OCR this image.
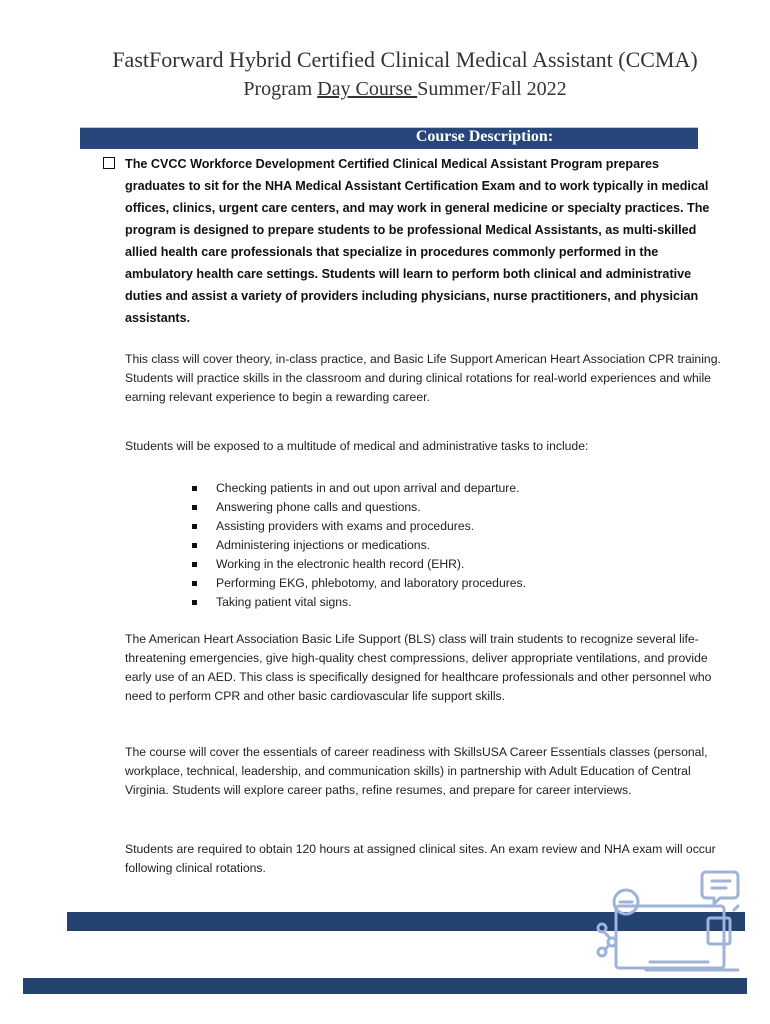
FastForward Hybrid Certified Clinical Medical Assistant (CCMA)
Program Day Course Summer/Fall 2022
Course Description:
The CVCC Workforce Development Certified Clinical Medical Assistant Program prepares graduates to sit for the NHA Medical Assistant Certification Exam and to work typically in medical offices, clinics, urgent care centers, and may work in general medicine or specialty practices. The program is designed to prepare students to be professional Medical Assistants, as multi-skilled allied health care professionals that specialize in procedures commonly performed in the ambulatory health care settings. Students will learn to perform both clinical and administrative duties and assist a variety of providers including physicians, nurse practitioners, and physician assistants.
This class will cover theory, in-class practice, and Basic Life Support American Heart Association CPR training. Students will practice skills in the classroom and during clinical rotations for real-world experiences and while earning relevant experience to begin a rewarding career.
Students will be exposed to a multitude of medical and administrative tasks to include:
Checking patients in and out upon arrival and departure.
Answering phone calls and questions.
Assisting providers with exams and procedures.
Administering injections or medications.
Working in the electronic health record (EHR).
Performing EKG, phlebotomy, and laboratory procedures.
Taking patient vital signs.
The American Heart Association Basic Life Support (BLS) class will train students to recognize several life-threatening emergencies, give high-quality chest compressions, deliver appropriate ventilations, and provide early use of an AED. This class is specifically designed for healthcare professionals and other personnel who need to perform CPR and other basic cardiovascular life support skills.
The course will cover the essentials of career readiness with SkillsUSA Career Essentials classes (personal, workplace, technical, leadership, and communication skills) in partnership with Adult Education of Central Virginia. Students will explore career paths, refine resumes, and prepare for career interviews.
Students are required to obtain 120 hours at assigned clinical sites. An exam review and NHA exam will occur following clinical rotations.
